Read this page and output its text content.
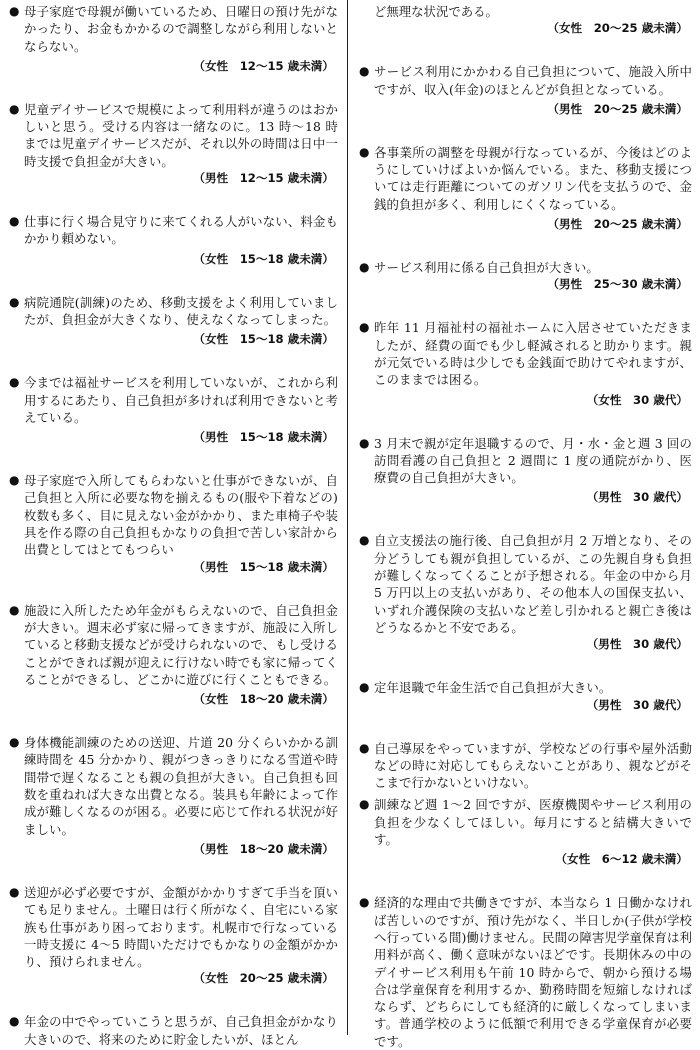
● 母子家庭で母親が働いているため、日曜日の預け先がなかったり、お金もかかるので調整しながら利用しないとならない。
（女性　12～15 歳未満）
● 児童デイサービスで規模によって利用料が違うのはおかしいと思う。受ける内容は一緒なのに。13 時～18 時までは児童デイサービスだが、それ以外の時間は日中一時支援で負担金が大きい。
（男性　12～15 歳未満）
● 仕事に行く場合見守りに来てくれる人がいない、料金もかかり頼めない。
（女性　15～18 歳未満）
● 病院通院(訓練)のため、移動支援をよく利用していましたが、負担金が大きくなり、使えなくなってしまった。
（女性　15～18 歳未満）
● 今までは福祉サービスを利用していないが、これから利用するにあたり、自己負担が多ければ利用できないと考えている。
（男性　15～18 歳未満）
● 母子家庭で入所してもらわないと仕事ができないが、自己負担と入所に必要な物を揃えるもの(服や下着などの)枚数も多く、目に見えない金がかかり、また車椅子や装具を作る際の自己負担もかなりの負担で苦しい家計から出費としてはとてもつらい
（男性　15～18 歳未満）
● 施設に入所したため年金がもらえないので、自己負担金が大きい。週末必ず家に帰ってきますが、施設に入所していると移動支援などが受けられないので、もし受けることができれば親が迎えに行けない時でも家に帰ってくることができるし、どこかに遊びに行くこともできる。
（女性　18～20 歳未満）
● 身体機能訓練のための送迎、片道 20 分くらいかかる訓練時間を 45 分かかり、親がつきっきりになる雪道や時間帯で遅くなることも親の負担が大きい。自己負担も回数を重ねれば大きな出費となる。装具も年齢によって作成が難しくなるのが困る。必要に応じて作れる状況が好ましい。
（男性　18～20 歳未満）
● 送迎が必ず必要ですが、金額がかかりすぎて手当を頂いても足りません。土曜日は行く所がなく、自宅にいる家族も仕事があり困っております。札幌市で行なっている一時支援に 4～5 時間いただけでもかなりの金額がかかり、預けられません。
（女性　20～25 歳未満）
● 年金の中でやっていこうと思うが、自己負担金がかなり大きいので、将来のために貯金したいが、ほとん
ど無理な状況である。
（女性　20～25 歳未満）
● サービス利用にかかわる自己負担について、施設入所中ですが、収入(年金)のほとんどが負担となっている。
（男性　20～25 歳未満）
● 各事業所の調整を母親が行なっているが、今後はどのようにしていけばよいか悩んでいる。また、移動支援については走行距離についてのガソリン代を支払うので、金銭的負担が多く、利用しにくくなっている。
（男性　20～25 歳未満）
● サービス利用に係る自己負担が大きい。
（男性　25～30 歳未満）
● 昨年 11 月福祉村の福祉ホームに入居させていただきましたが、経費の面でも少し軽減されると助かります。親が元気でいる時は少しでも金銭面で助けてやれますが、このままでは困る。
（女性　30 歳代）
● 3 月末で親が定年退職するので、月・水・金と週 3 回の訪問看護の自己負担と 2 週間に 1 度の通院がかり、医療費の自己負担が大きい。
（男性　30 歳代）
● 自立支援法の施行後、自己負担が月 2 万増となり、その分どうしても親が負担しているが、この先親自身も負担が難しくなってくることが予想される。年金の中から月 5 万円以上の支払いがあり、その他本人の国保支払い、いずれ介護保険の支払いなど差し引かれると親亡き後はどうなるかと不安である。
（男性　30 歳代）
● 定年退職で年金生活で自己負担が大きい。
（男性　30 歳代）
● 自己導尿をやっていますが、学校などの行事や屋外活動などの時に対応してもらえないことがあり、親などがそこまで行かないといけない。
● 訓練など週 1～2 回ですが、医療機関やサービス利用の負担を少なくしてほしい。毎月にすると結構大きいです。
（女性　6～12 歳未満）
● 経済的な理由で共働きですが、本当なら 1 日働かなければ苦しいのですが、預け先がなく、半日しか(子供が学校へ行っている間)働けません。民間の障害児学童保育は利用料が高く、働く意味がないほどです。長期休みの中のデイサービス利用も午前 10 時からで、朝から預ける場合は学童保育を利用するか、勤務時間を短縮しなければならず、どちらにしても経済的に厳しくなってしまいます。普通学校のように低額で利用できる学童保育が必要です。
